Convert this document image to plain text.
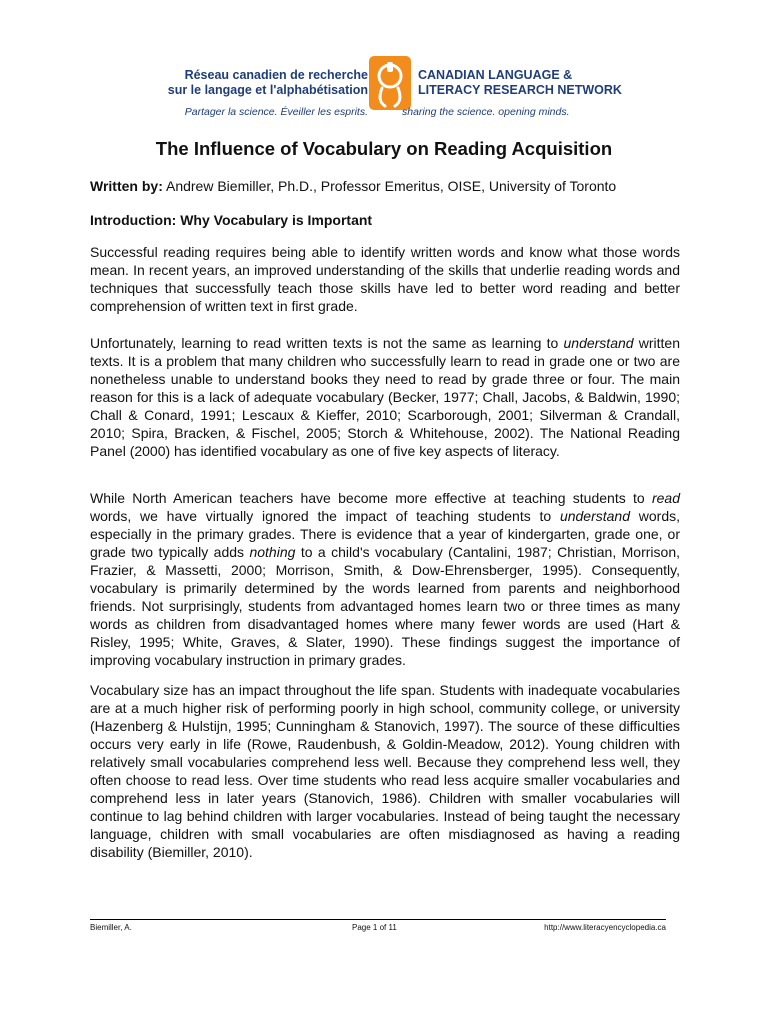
Réseau canadien de recherche
sur le langage et l'alphabétisation
CANADIAN LANGUAGE &
LITERACY RESEARCH NETWORK
Partager la science. Éveiller les esprits.	sharing the science. opening minds.
The Influence of Vocabulary on Reading Acquisition
Written by: Andrew Biemiller, Ph.D., Professor Emeritus, OISE, University of Toronto
Introduction: Why Vocabulary is Important

Successful reading requires being able to identify written words and know what those words mean. In recent years, an improved understanding of the skills that underlie reading words and techniques that successfully teach those skills have led to better word reading and better comprehension of written text in first grade.

Unfortunately, learning to read written texts is not the same as learning to understand written texts. It is a problem that many children who successfully learn to read in grade one or two are nonetheless unable to understand books they need to read by grade three or four. The main reason for this is a lack of adequate vocabulary (Becker, 1977; Chall, Jacobs, & Baldwin, 1990; Chall & Conard, 1991; Lescaux & Kieffer, 2010; Scarborough, 2001; Silverman & Crandall, 2010; Spira, Bracken, & Fischel, 2005; Storch & Whitehouse, 2002). The National Reading Panel (2000) has identified vocabulary as one of five key aspects of literacy.

While North American teachers have become more effective at teaching students to read words, we have virtually ignored the impact of teaching students to understand words, especially in the primary grades. There is evidence that a year of kindergarten, grade one, or grade two typically adds nothing to a child's vocabulary (Cantalini, 1987; Christian, Morrison, Frazier, & Massetti, 2000; Morrison, Smith, & Dow-Ehrensberger, 1995). Consequently, vocabulary is primarily determined by the words learned from parents and neighborhood friends. Not surprisingly, students from advantaged homes learn two or three times as many words as children from disadvantaged homes where many fewer words are used (Hart & Risley, 1995; White, Graves, & Slater, 1990). These findings suggest the importance of improving vocabulary instruction in primary grades.

Vocabulary size has an impact throughout the life span. Students with inadequate vocabularies are at a much higher risk of performing poorly in high school, community college, or university (Hazenberg & Hulstijn, 1995; Cunningham & Stanovich, 1997). The source of these difficulties occurs very early in life (Rowe, Raudenbush, & Goldin-Meadow, 2012). Young children with relatively small vocabularies comprehend less well. Because they comprehend less well, they often choose to read less. Over time students who read less acquire smaller vocabularies and comprehend less in later years (Stanovich, 1986). Children with smaller vocabularies will continue to lag behind children with larger vocabularies. Instead of being taught the necessary language, children with small vocabularies are often misdiagnosed as having a reading disability (Biemiller, 2010).

Biemiller, A.	Page 1 of 11	http://www.literacyencyclopedia.ca
